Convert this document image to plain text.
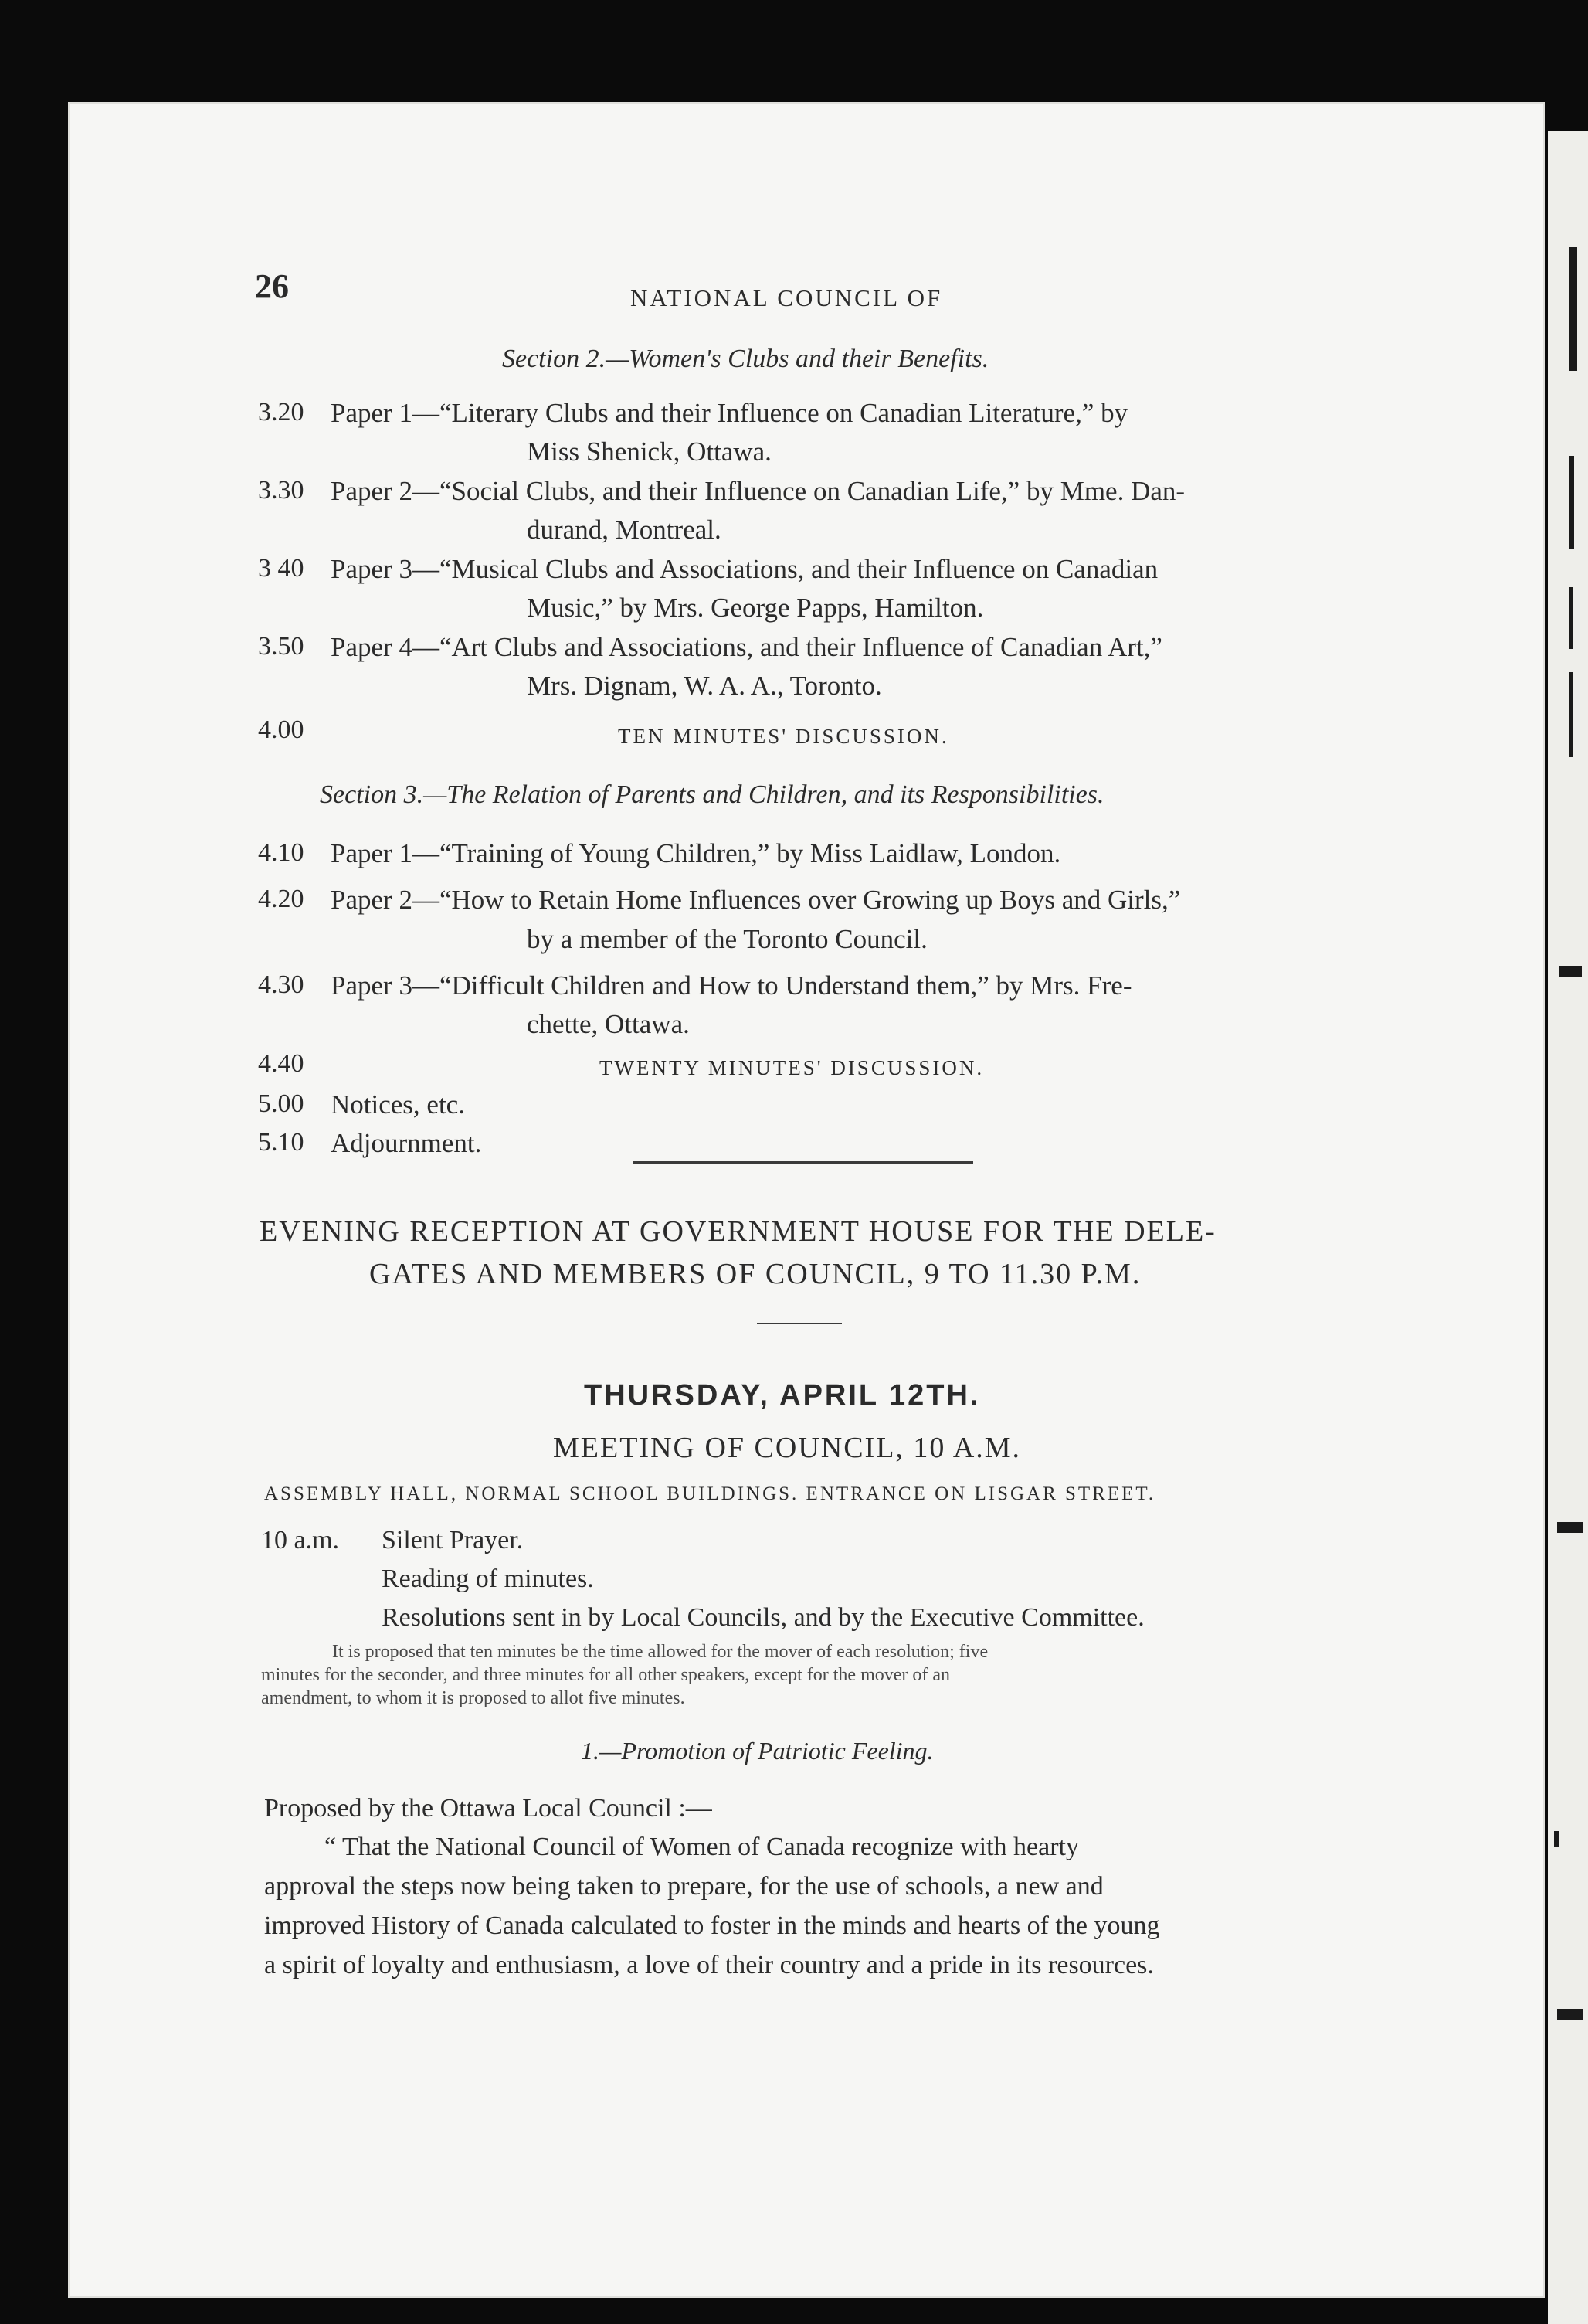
26	NATIONAL COUNCIL OF
Section 2.—Women's Clubs and their Benefits.
3.20 Paper 1—“Literary Clubs and their Influence on Canadian Literature,” by
Miss Shenick, Ottawa.
3.30 Paper 2—“Social Clubs, and their Influence on Canadian Life,” by Mme. Dan-
durand, Montreal.
3 40 Paper 3—“Musical Clubs and Associations, and their Influence on Canadian
Music,” by Mrs. George Papps, Hamilton.
3.50 Paper 4—“Art Clubs and Associations, and their Influence of Canadian Art,”
Mrs. Dignam, W. A. A., Toronto.
4.00	TEN MINUTES' DISCUSSION.
Section 3.—The Relation of Parents and Children, and its Responsibilities.
4.10 Paper 1—“Training of Young Children,” by Miss Laidlaw, London.
4.20 Paper 2—“How to Retain Home Influences over Growing up Boys and Girls,”
by a member of the Toronto Council.
4.30 Paper 3—“Difficult Children and How to Understand them,” by Mrs. Fre-
chette, Ottawa.
4.40	TWENTY MINUTES' DISCUSSION.
5.00 Notices, etc.
5.10 Adjournment.
EVENING RECEPTION AT GOVERNMENT HOUSE FOR THE DELE-
GATES AND MEMBERS OF COUNCIL, 9 TO 11.30 P.M.
THURSDAY, APRIL 12TH.
MEETING OF COUNCIL, 10 A.M.
ASSEMBLY HALL, NORMAL SCHOOL BUILDINGS. ENTRANCE ON LISGAR STREET.
10 a.m. Silent Prayer.
Reading of minutes.
Resolutions sent in by Local Councils, and by the Executive Committee.
It is proposed that ten minutes be the time allowed for the mover of each resolution; five
minutes for the seconder, and three minutes for all other speakers, except for the mover of an
amendment, to whom it is proposed to allot five minutes.
1.—Promotion of Patriotic Feeling.
Proposed by the Ottawa Local Council :—
“ That the National Council of Women of Canada recognize with hearty
approval the steps now being taken to prepare, for the use of schools, a new and
improved History of Canada calculated to foster in the minds and hearts of the young
a spirit of loyalty and enthusiasm, a love of their country and a pride in its resources.
